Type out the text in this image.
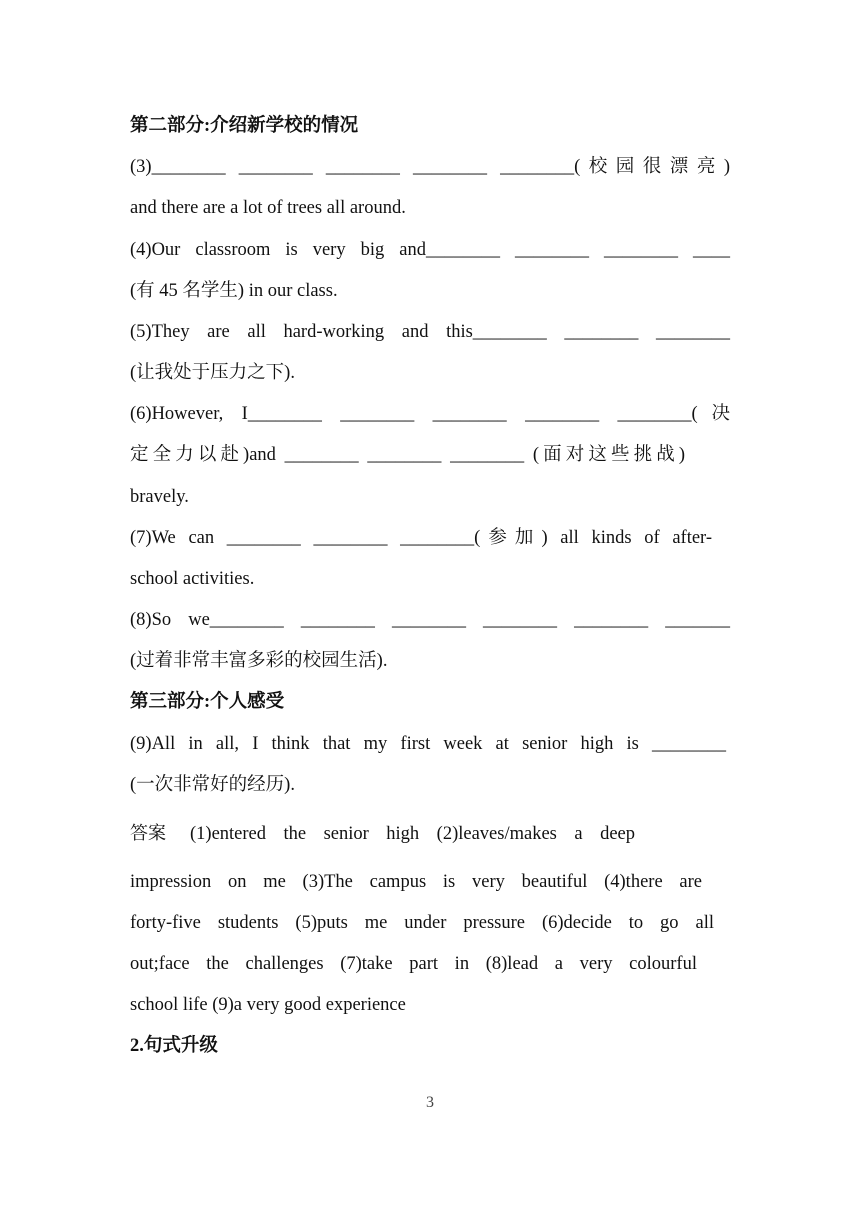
第二部分:介绍新学校的情况
(3)________ ________ ________ ________ ________(校园很漂亮)
and there are a lot of trees all around.
(4)Our classroom is very big and________ ________ ________ ____
(有 45 名学生) in our class.
(5)They are all hard-working and this________ ________ ________
(让我处于压力之下).
(6)However, I________ ________ ________ ________ ________(决
定全力以赴)and ________ ________ ________ (面对这些挑战)
bravely.
(7)We can ________ ________ ________(参加) all kinds of after-
school activities.
(8)So we________ ________ ________ ________ ________ _______
(过着非常丰富多彩的校园生活).
第三部分:个人感受
(9)All in all, I think that my first week at senior high is ________
(一次非常好的经历).
答案 (1)entered the senior high (2)leaves/makes a deep
impression on me (3)The campus is very beautiful (4)there are
forty-five students (5)puts me under pressure (6)decide to go all
out;face the challenges (7)take part in (8)lead a very colourful
school life (9)a very good experience
2.句式升级
3
